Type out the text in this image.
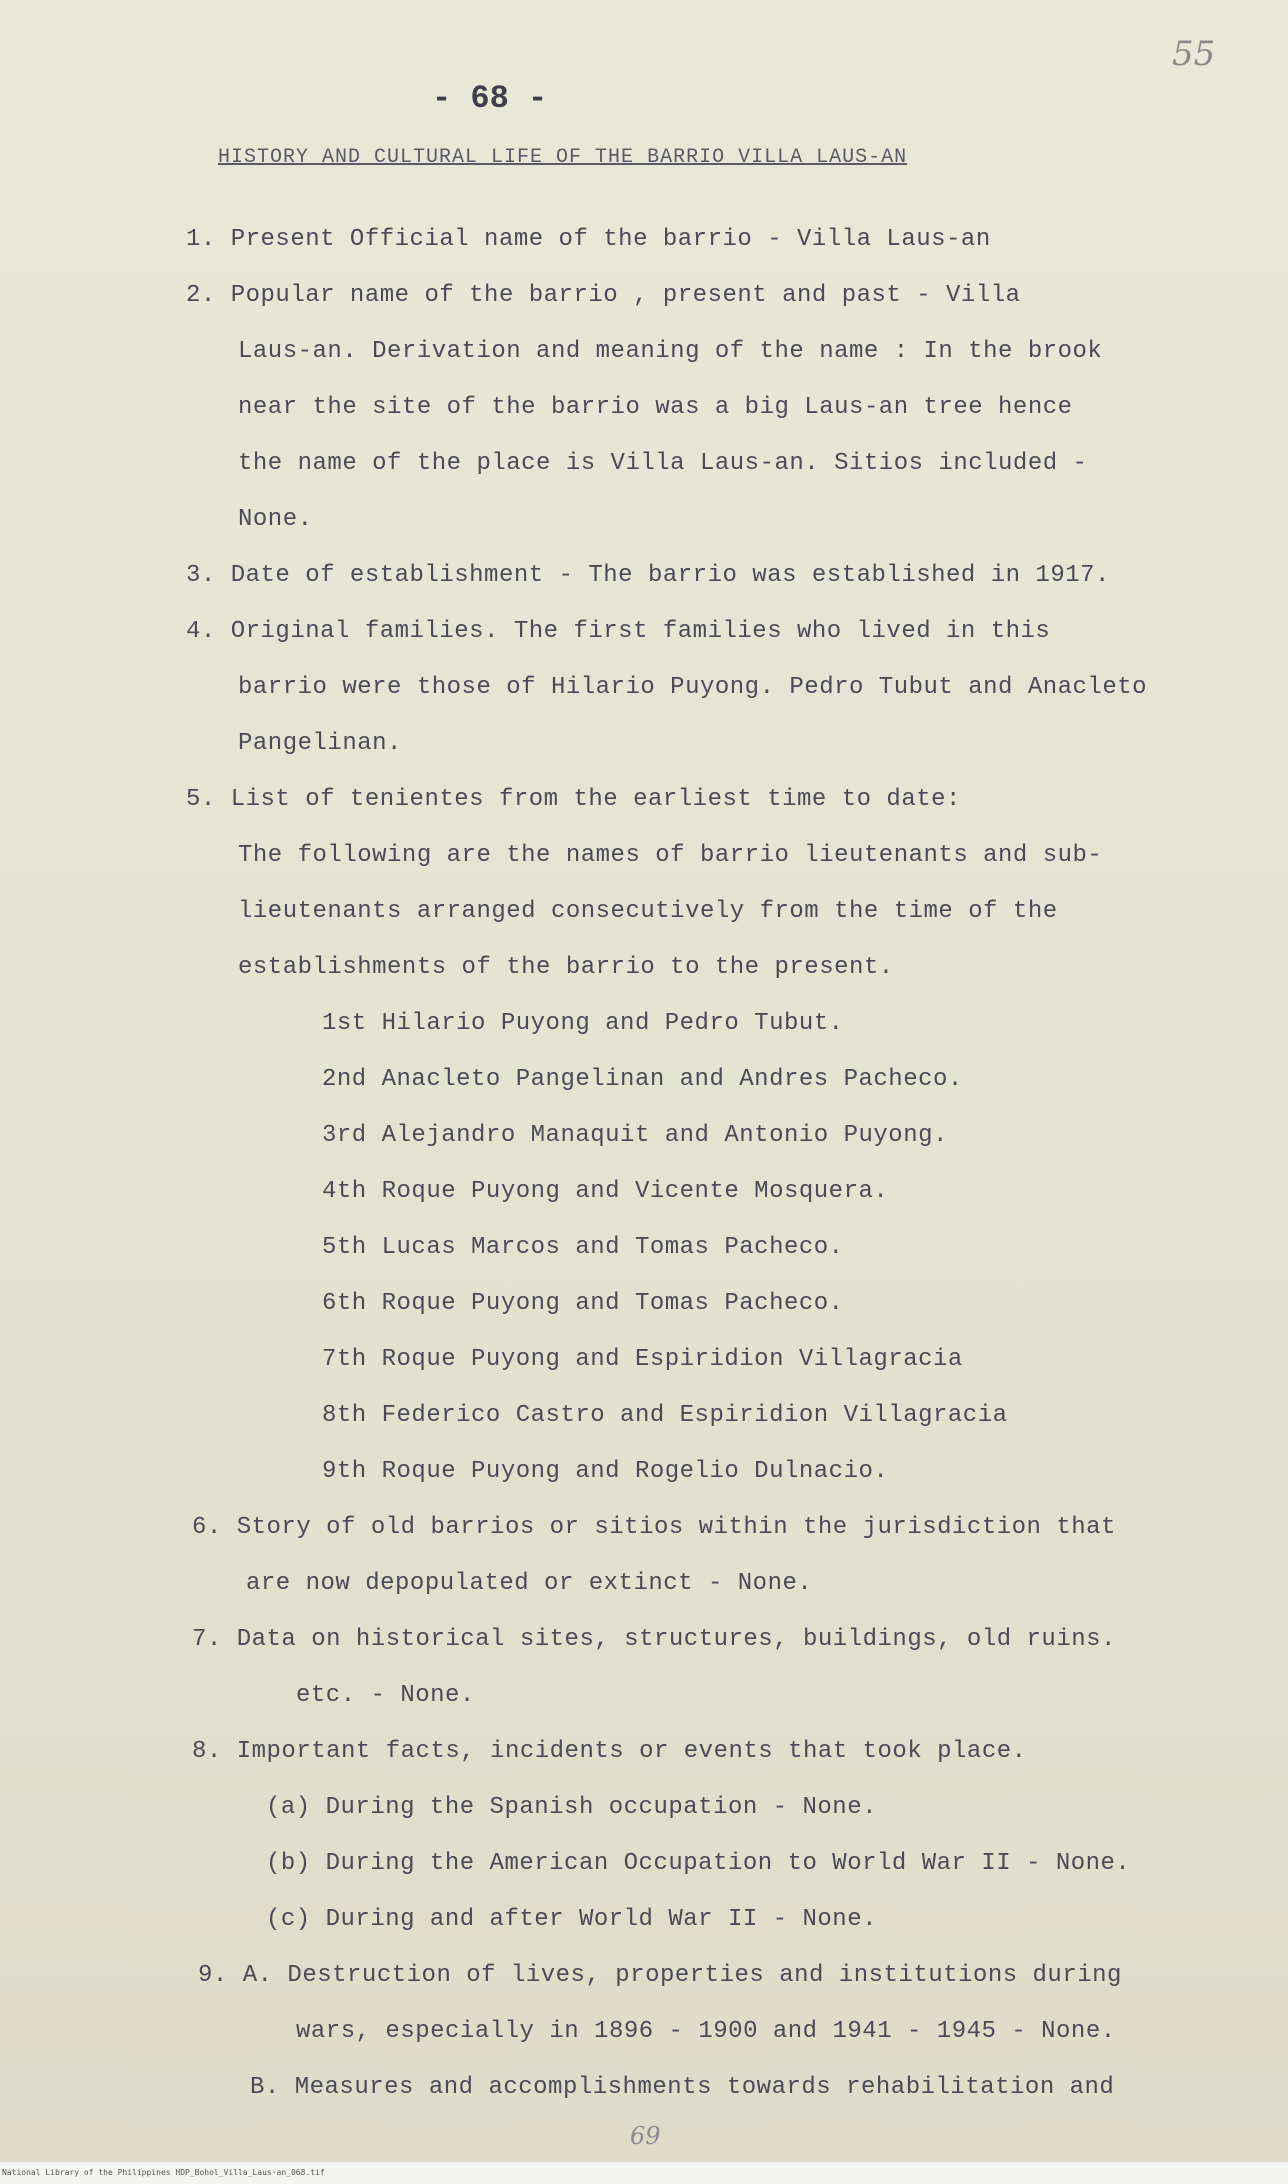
55
- 68 -
HISTORY AND CULTURAL LIFE OF THE BARRIO VILLA LAUS-AN
1. Present Official name of the barrio - Villa Laus-an
2. Popular name of the barrio , present and past - Villa
Laus-an. Derivation and meaning of the name : In the brook
near the site of the barrio was a big Laus-an tree hence
the name of the place is Villa Laus-an. Sitios included -
None.
3. Date of establishment - The barrio was established in 1917.
4. Original families. The first families who lived in this
barrio were those of Hilario Puyong. Pedro Tubut and Anacleto
Pangelinan.
5. List of tenientes from the earliest time to date:
The following are the names of barrio lieutenants and sub-
lieutenants arranged consecutively from the time of the
establishments of the barrio to the present.
1st Hilario Puyong and Pedro Tubut.
2nd Anacleto Pangelinan and Andres Pacheco.
3rd Alejandro Manaquit and Antonio Puyong.
4th Roque Puyong and Vicente Mosquera.
5th Lucas Marcos and Tomas Pacheco.
6th Roque Puyong and Tomas Pacheco.
7th Roque Puyong and Espiridion Villagracia
8th Federico Castro and Espiridion Villagracia
9th Roque Puyong and Rogelio Dulnacio.
6. Story of old barrios or sitios within the jurisdiction that
are now depopulated or extinct - None.
7. Data on historical sites, structures, buildings, old ruins.
etc. - None.
8. Important facts, incidents or events that took place.
(a) During the Spanish occupation - None.
(b) During the American Occupation to World War II - None.
(c) During and after World War II - None.
9. A. Destruction of lives, properties and institutions during
wars, especially in 1896 - 1900 and 1941 - 1945 - None.
B. Measures and accomplishments towards rehabilitation and
69
National Library of the Philippines HDP_Bohol_Villa_Laus-an_068.tif
